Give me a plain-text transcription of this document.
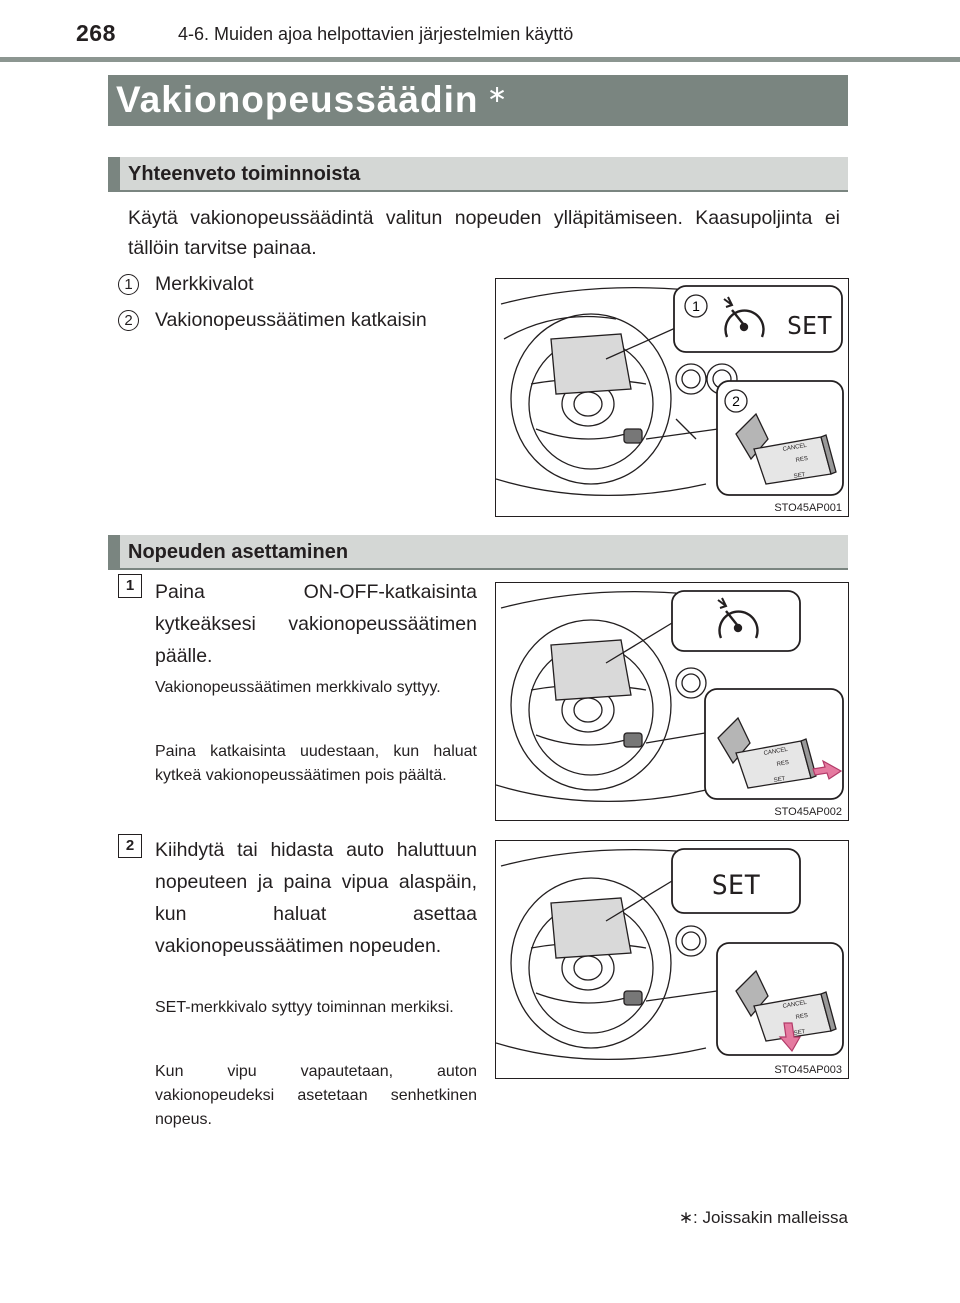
268	4-6. Muiden ajoa helpottavien järjestelmien käyttö
Vakionopeussäädin ∗
Yhteenveto toiminnoista
Käytä vakionopeussäädintä valitun nopeuden ylläpitämiseen. Kaasupoljinta ei tällöin tarvitse painaa.
1	Merkkivalot
2	Vakionopeussäätimen katkaisin
1
SET
2
CANCEL
RES
SET
STO45AP001
Nopeuden asettaminen
1	Paina ON-OFF-katkaisinta kytkeäksesi vakionopeussäätimen päälle.
Vakionopeussäätimen merkkivalo syttyy.
Paina katkaisinta uudestaan, kun haluat kytkeä vakionopeussäätimen pois päältä.
CANCEL
RES
SET
STO45AP002
2	Kiihdytä tai hidasta auto haluttuun nopeuteen ja paina vipua alaspäin, kun haluat asettaa vakionopeussäätimen nopeuden.
SET-merkkivalo syttyy toiminnan merkiksi.
Kun vipu vapautetaan, auton vakionopeudeksi asetetaan senhetkinen nopeus.
SET
CANCEL
RES
SET
STO45AP003
∗: Joissakin malleissa
